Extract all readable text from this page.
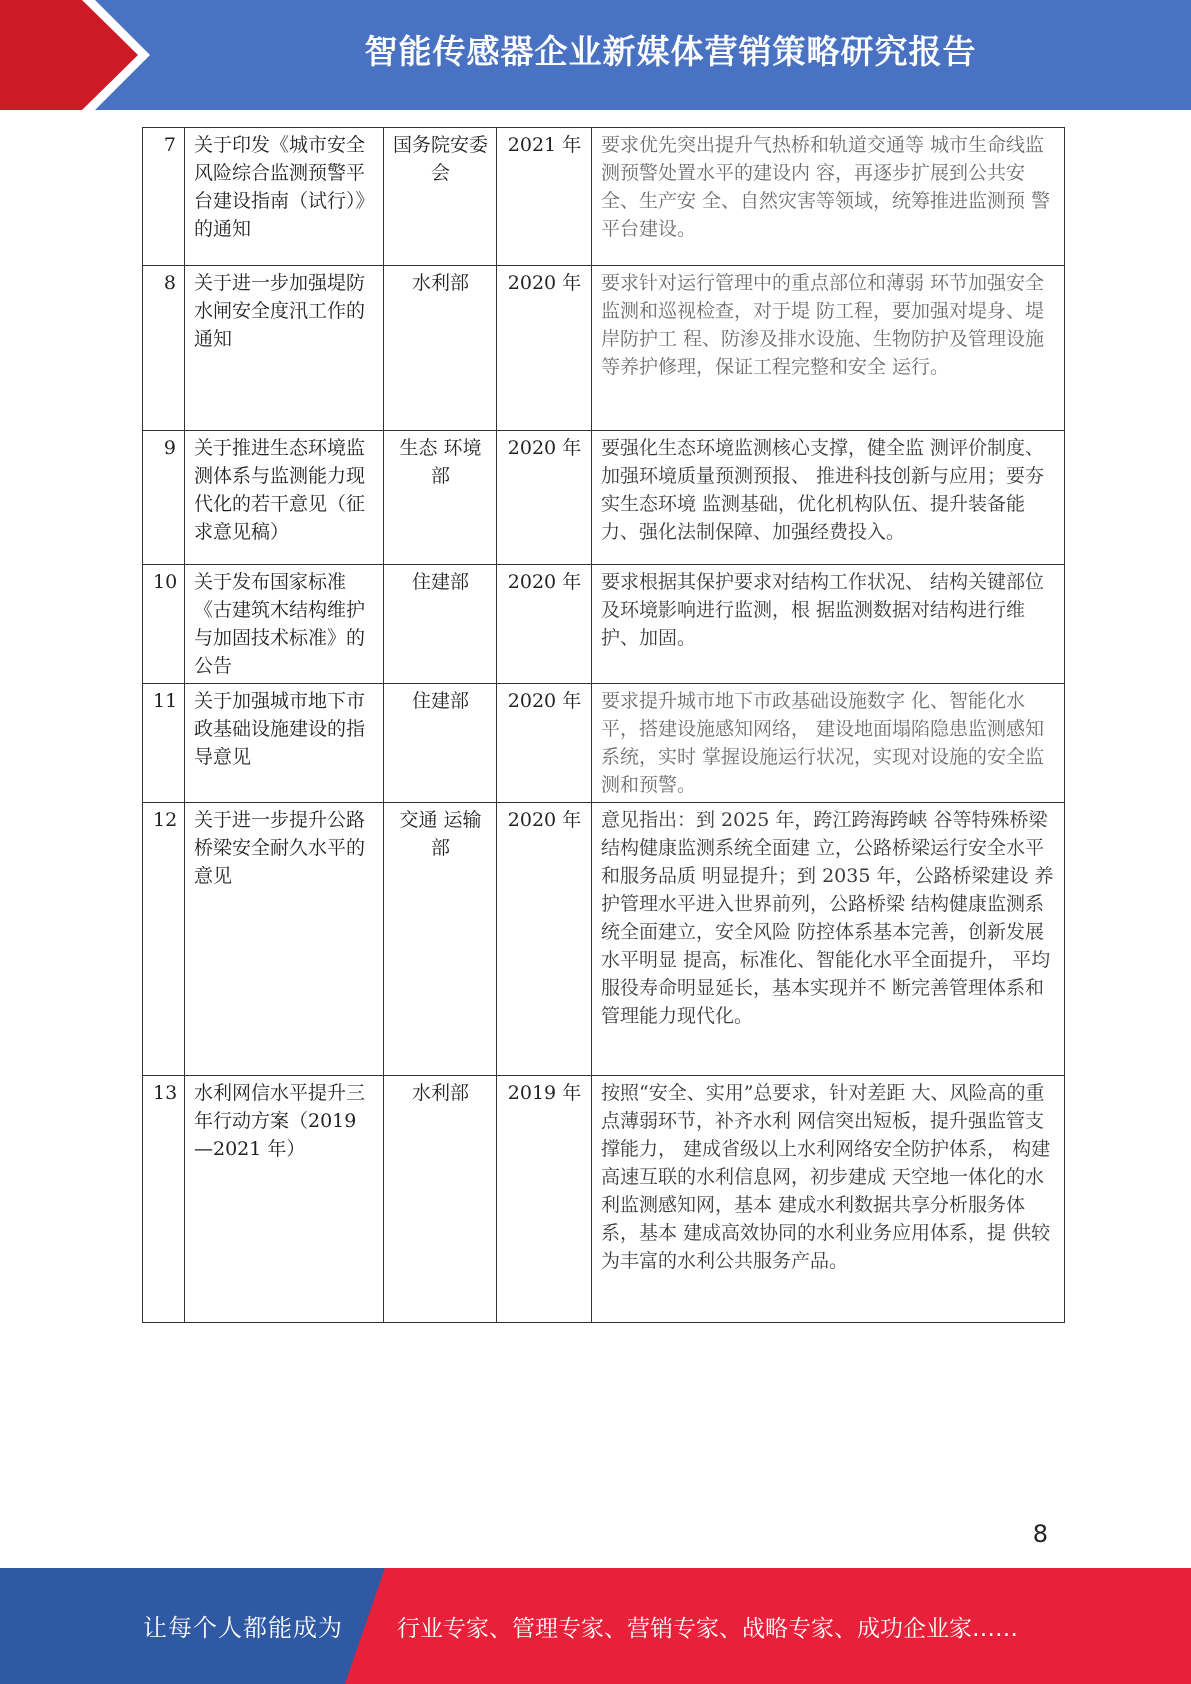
智能传感器企业新媒体营销策略研究报告
7	关于印发《城市安全风险综合监测预警平台建设指南（试行）》的通知	国务院安委会	2021 年	要求优先突出提升气热桥和轨道交通等 城市生命线监测预警处置水平的建设内 容，再逐步扩展到公共安全、生产安 全、自然灾害等领域，统筹推进监测预 警平台建设。
8	关于进一步加强堤防水闸安全度汛工作的通知	水利部	2020 年	要求针对运行管理中的重点部位和薄弱 环节加强安全监测和巡视检查，对于堤 防工程，要加强对堤身、堤岸防护工 程、防渗及排水设施、生物防护及管理设施等养护修理，保证工程完整和安全 运行。
9	关于推进生态环境监测体系与监测能力现代化的若干意见（征求意见稿）	生态 环境部	2020 年	要强化生态环境监测核心支撑，健全监 测评价制度、加强环境质量预测预报、 推进科技创新与应用；要夯实生态环境 监测基础，优化机构队伍、提升装备能 力、强化法制保障、加强经费投入。
10	关于发布国家标准《古建筑木结构维护与加固技术标准》的公告	住建部	2020 年	要求根据其保护要求对结构工作状况、 结构关键部位及环境影响进行监测，根 据监测数据对结构进行维护、加固。
11	关于加强城市地下市政基础设施建设的指导意见	住建部	2020 年	要求提升城市地下市政基础设施数字 化、智能化水平，搭建设施感知网络， 建设地面塌陷隐患监测感知系统，实时 掌握设施运行状况，实现对设施的安全监测和预警。
12	关于进一步提升公路桥梁安全耐久水平的意见	交通 运输部	2020 年	意见指出：到 2025 年，跨江跨海跨峡 谷等特殊桥梁结构健康监测系统全面建 立，公路桥梁运行安全水平和服务品质 明显提升；到 2035 年，公路桥梁建设 养护管理水平进入世界前列，公路桥梁 结构健康监测系统全面建立，安全风险 防控体系基本完善，创新发展水平明显 提高，标准化、智能化水平全面提升， 平均服役寿命明显延长，基本实现并不 断完善管理体系和管理能力现代化。
13	水利网信水平提升三年行动方案（2019—2021 年）	水利部	2019 年	按照“安全、实用”总要求，针对差距 大、风险高的重点薄弱环节，补齐水利 网信突出短板，提升强监管支撑能力， 建成省级以上水利网络安全防护体系， 构建高速互联的水利信息网，初步建成 天空地一体化的水利监测感知网，基本 建成水利数据共享分析服务体系，基本 建成高效协同的水利业务应用体系，提 供较为丰富的水利公共服务产品。
8
让每个人都能成为 行业专家、管理专家、营销专家、战略专家、成功企业家……
